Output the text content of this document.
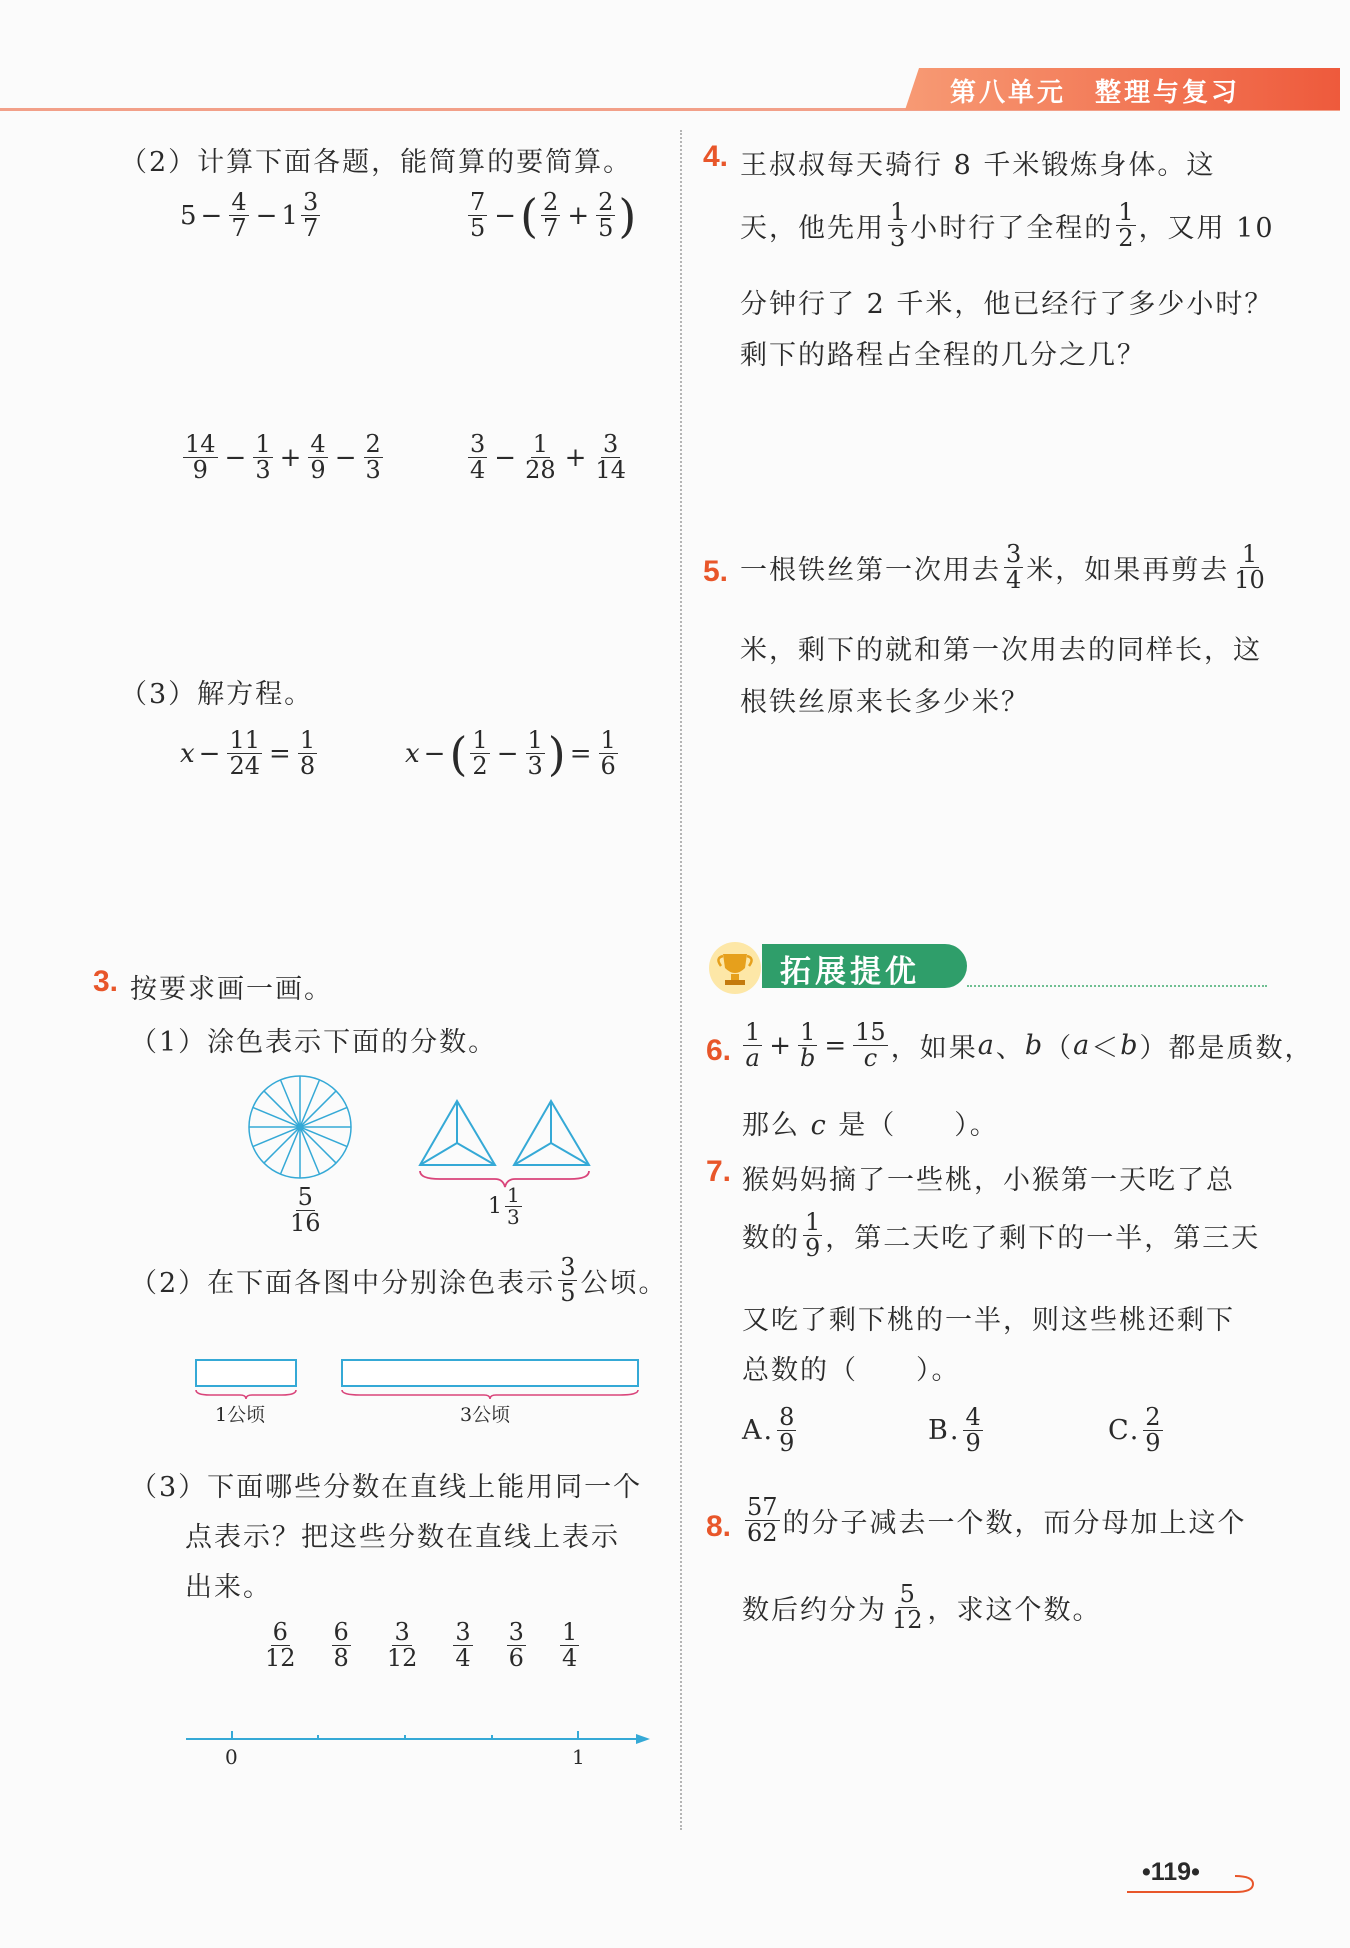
第八单元　整理与复习
（2）计算下面各题，能简算的要简算。
$5 - \frac{4}{7} - 1 \frac{3}{7}$	$\frac{7}{5}$ − ( $\frac{2}{7} + \frac{2}{5}$ )
$\frac{14}{9} - \frac{1}{3} + \frac{4}{9} - \frac{2}{3}$	$\frac{3}{4} - \frac{1}{28} + \frac{3}{14}$
（3）解方程。
$x - \frac{11}{24} = \frac{1}{8}$	x − ( $\frac{1}{2} - \frac{1}{3}$ ) = $\frac{1}{6}$
3. 按要求画一画。
（1）涂色表示下面的分数。
$\frac{5}{16}$	$1 \frac{1}{3}$
（2）在下面各图中分别涂色表示 $\frac{3}{5}$ 公顷。
1公顷	3公顷
（3）下面哪些分数在直线上能用同一个
点表示？把这些分数在直线上表示
出来。
$\frac{6}{12} \frac{6}{8} \frac{3}{12} \frac{3}{4} \frac{3}{6} \frac{1}{4}$
0	1
4. 王叔叔每天骑行 8 千米锻炼身体。这
天，他先用 $\frac{1}{3}$ 小时行了全程的 $\frac{1}{2}$ ，又用 10
分钟行了 2 千米，他已经行了多少小时？
剩下的路程占全程的几分之几？
5. 一根铁丝第一次用去 $\frac{3}{4}$ 米，如果再剪去 $\frac{1}{10}$
米，剩下的就和第一次用去的同样长，这
根铁丝原来长多少米？
拓展提优
6. $\frac{1}{a} + \frac{1}{b} = \frac{15}{c}$ ，如果 a 、 b （ a ＜ b ）都是质数，
那么 c 是（　　）。
7. 猴妈妈摘了一些桃，小猴第一天吃了总
数的 $\frac{1}{9}$ ，第二天吃了剩下的一半，第三天
又吃了剩下桃的一半，则这些桃还剩下
总数的（　　）。
A. $\frac{8}{9}$	B. $\frac{4}{9}$	C. $\frac{2}{9}$
8. $\frac{57}{62}$ 的分子减去一个数，而分母加上这个
数后约分为 $\frac{5}{12}$ ，求这个数。
•119•
